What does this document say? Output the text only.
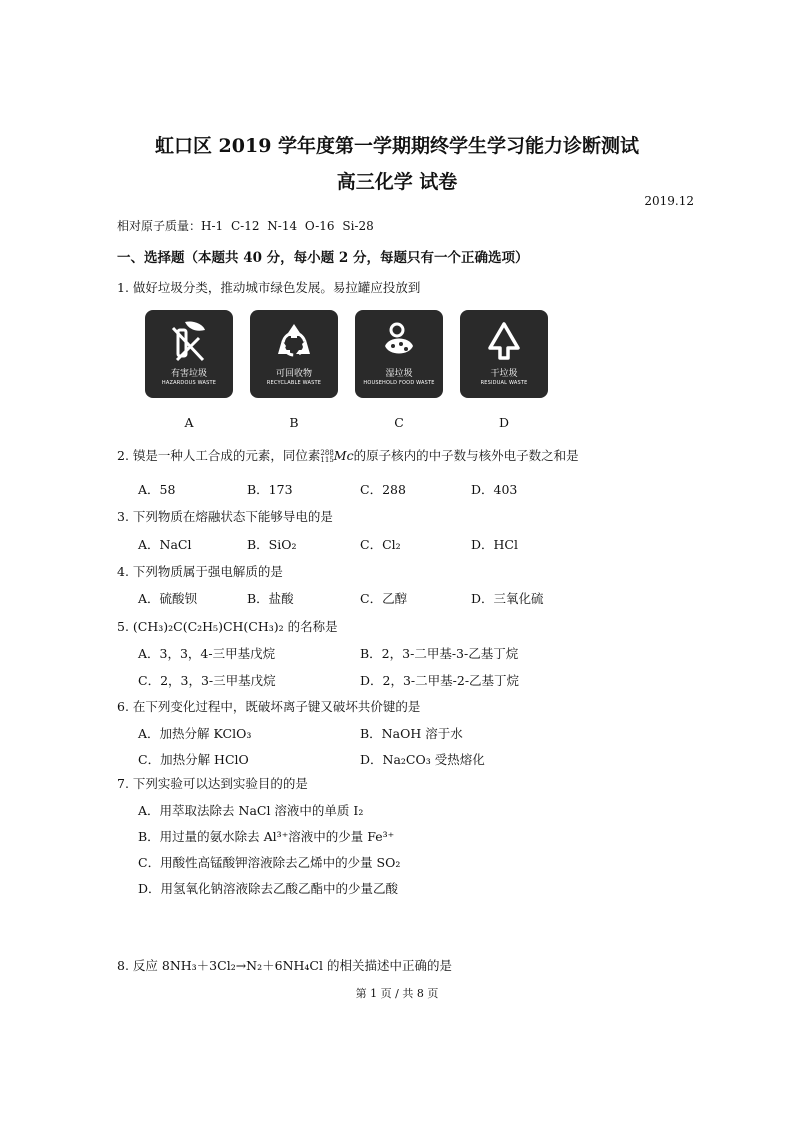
虹口区 2019 学年度第一学期期终学生学习能力诊断测试
高三化学 试卷
2019.12
相对原子质量：H-1 C-12 N-14 O-16 Si-28
一、选择题（本题共 40 分，每小题 2 分，每题只有一个正确选项）
1. 做好垃圾分类，推动城市绿色发展。易拉罐应投放到
有害垃圾
HAZARDOUS WASTE
可回收物
RECYCLABLE WASTE
湿垃圾
HOUSEHOLD FOOD WASTE
干垃圾
RESIDUAL WASTE
A	B	C	D
2. 镆是一种人工合成的元素，同位素 288
115 Mc的原子核内的中子数与核外电子数之和是
A．58	B．173	C．288	D．403
3. 下列物质在熔融状态下能够导电的是
A．NaCl	B．SiO₂	C．Cl₂	D．HCl
4. 下列物质属于强电解质的是
A．硫酸钡	B．盐酸	C．乙醇	D．三氧化硫
5. (CH₃)₂C(C₂H₅)CH(CH₃)₂ 的名称是
A．3，3，4-三甲基戊烷	B．2，3-二甲基-3-乙基丁烷
C．2，3，3-三甲基戊烷	D．2，3-二甲基-2-乙基丁烷
6. 在下列变化过程中，既破坏离子键又破坏共价键的是
A．加热分解 KClO₃	B．NaOH 溶于水
C．加热分解 HClO	D．Na₂CO₃ 受热熔化
7. 下列实验可以达到实验目的的是
A．用萃取法除去 NaCl 溶液中的单质 I₂
B．用过量的氨水除去 Al³⁺溶液中的少量 Fe³⁺
C．用酸性高锰酸钾溶液除去乙烯中的少量 SO₂
D．用氢氧化钠溶液除去乙酸乙酯中的少量乙酸
8. 反应 8NH₃＋3Cl₂→N₂＋6NH₄Cl 的相关描述中正确的是
第 1 页 / 共 8 页
